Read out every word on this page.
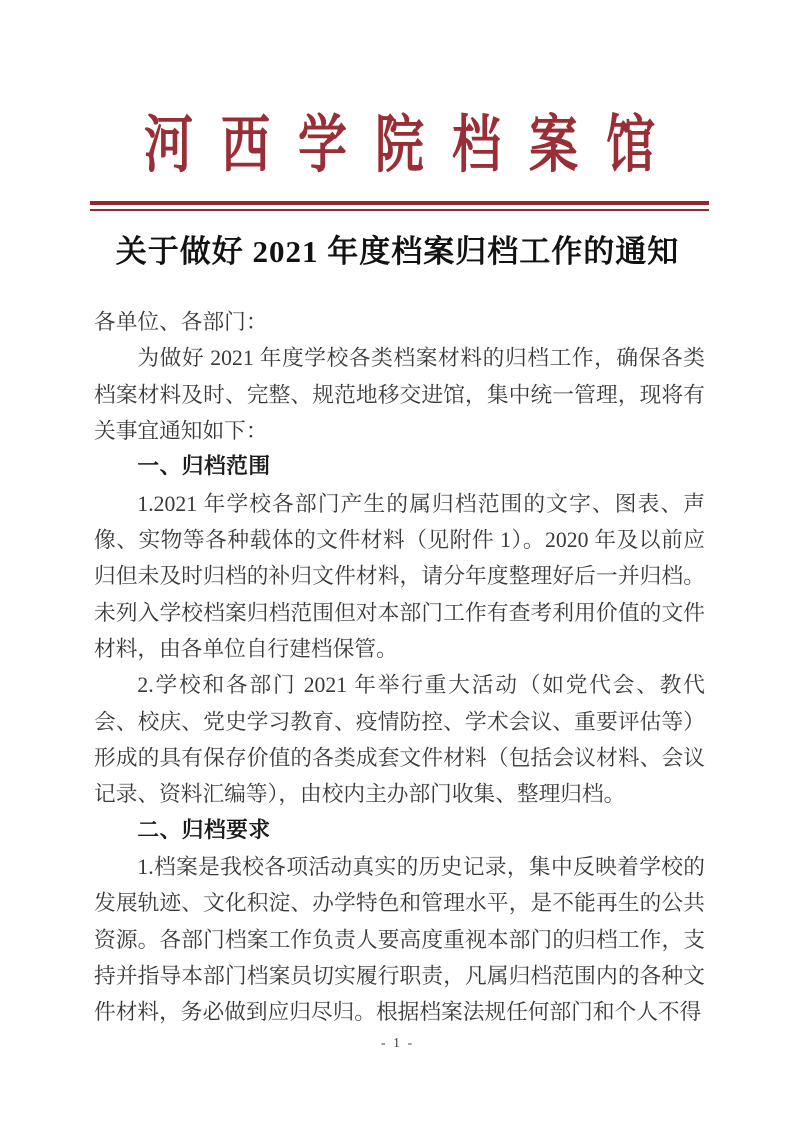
河西学院档案馆
关于做好 2021 年度档案归档工作的通知

各单位、各部门：

为做好 2021 年度学校各类档案材料的归档工作，确保各类档案材料及时、完整、规范地移交进馆，集中统一管理，现将有关事宜通知如下：

一、归档范围

1.2021 年学校各部门产生的属归档范围的文字、图表、声像、实物等各种载体的文件材料（见附件 1）。2020 年及以前应归但未及时归档的补归文件材料，请分年度整理好后一并归档。未列入学校档案归档范围但对本部门工作有查考利用价值的文件材料，由各单位自行建档保管。

2.学校和各部门 2021 年举行重大活动（如党代会、教代会、校庆、党史学习教育、疫情防控、学术会议、重要评估等）形成的具有保存价值的各类成套文件材料（包括会议材料、会议记录、资料汇编等），由校内主办部门收集、整理归档。

二、归档要求

1.档案是我校各项活动真实的历史记录，集中反映着学校的发展轨迹、文化积淀、办学特色和管理水平，是不能再生的公共资源。各部门档案工作负责人要高度重视本部门的归档工作，支持并指导本部门档案员切实履行职责，凡属归档范围内的各种文件材料，务必做到应归尽归。根据档案法规任何部门和个人不得

- 1 -
